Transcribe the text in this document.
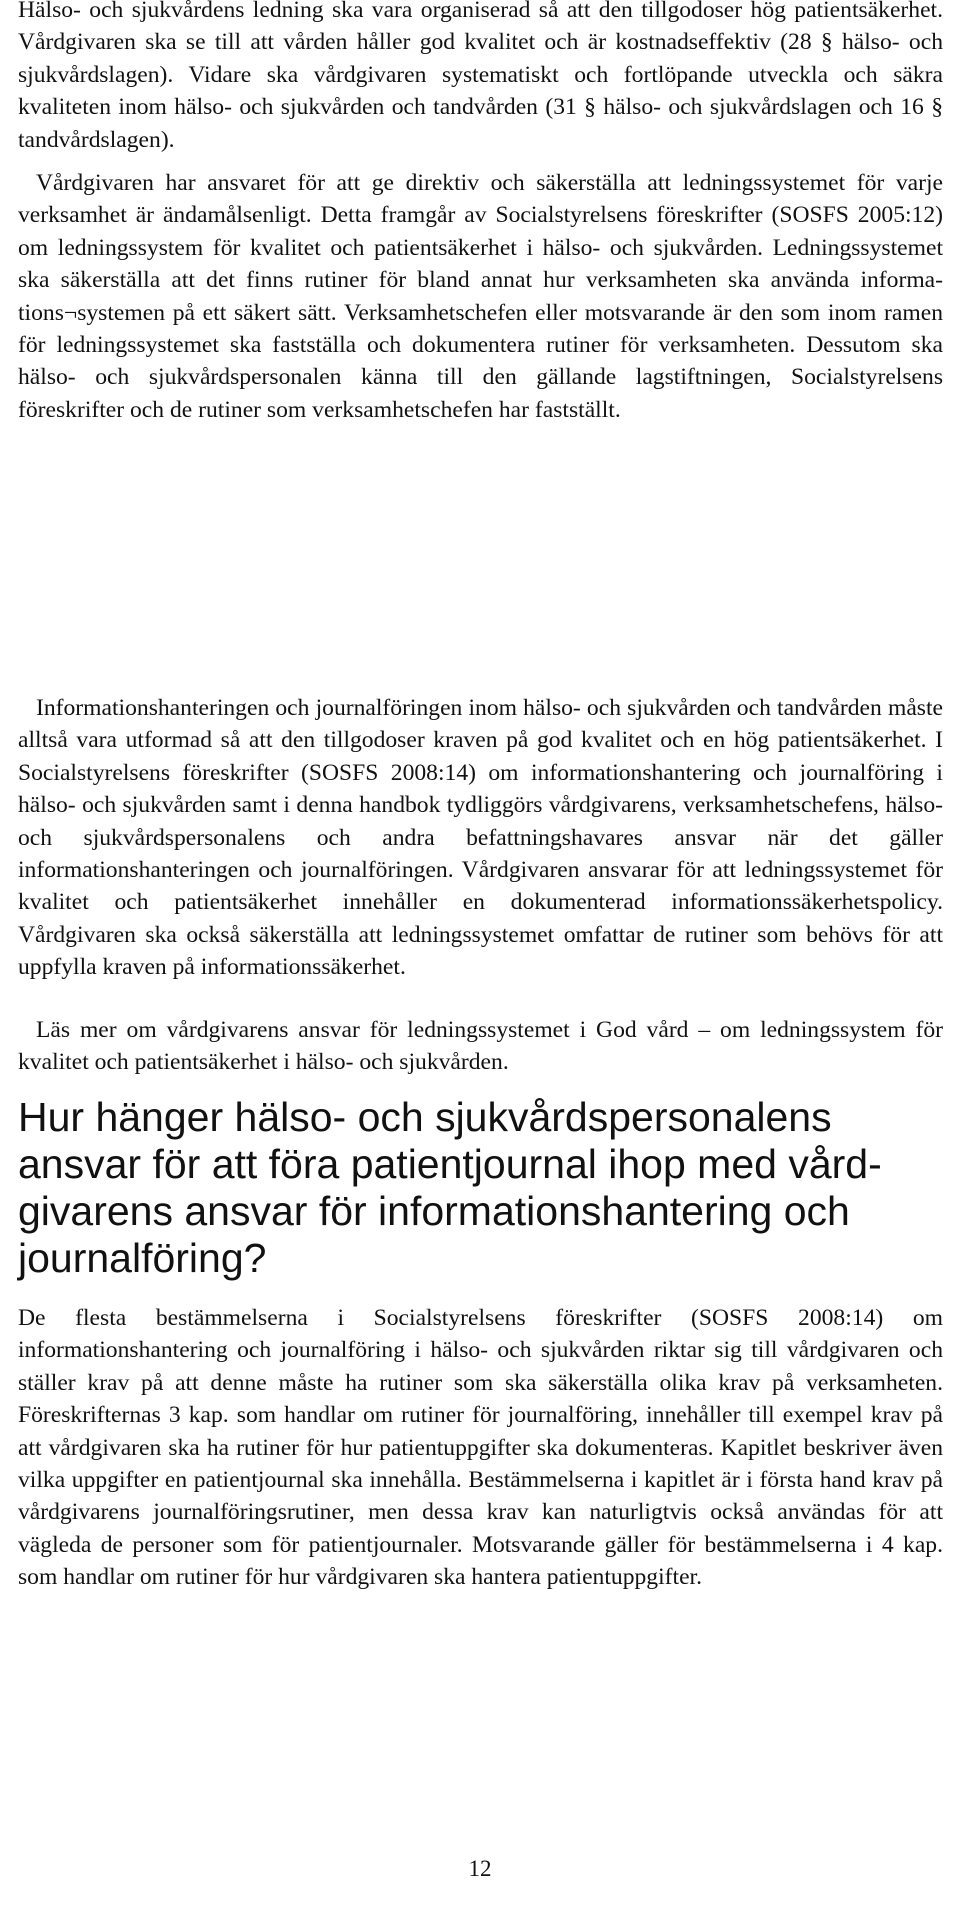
Hälso- och sjukvårdens ledning ska vara organiserad så att den tillgodoser hög patientsäkerhet. Vårdgivaren ska se till att vården håller god kvalitet och är kostnadseffektiv (28 § hälso- och sjukvårdslagen). Vidare ska vårdgivaren systematiskt och fortlöpande utveckla och säkra kvaliteten inom hälso- och sjukvården och tandvården (31 § hälso- och sjukvårdslagen och 16 § tandvårdslagen).

Vårdgivaren har ansvaret för att ge direktiv och säkerställa att ledningssystemet för varje verksamhet är ändamålsenligt. Detta framgår av Socialstyrelsens föreskrifter (SOSFS 2005:12) om ledningssystem för kvalitet och patientsäkerhet i hälso- och sjukvården. Ledningssystemet ska säkerställa att det finns rutiner för bland annat hur verksamheten ska använda informations¬systemen på ett säkert sätt. Verksamhetschefen eller motsvarande är den som inom ramen för ledningssystemet ska fastställa och dokumentera rutiner för verksamheten. Dessutom ska hälso- och sjukvårdspersonalen känna till den gällande lagstiftningen, Socialstyrelsens föreskrifter och de rutiner som verksamhetschefen har fastställt.

Informationshanteringen och journalföringen inom hälso- och sjukvården och tandvården måste alltså vara utformad så att den tillgodoser kraven på god kvalitet och en hög patientsäkerhet. I Socialstyrelsens föreskrifter (SOSFS 2008:14) om informationshantering och journalföring i hälso- och sjukvården samt i denna handbok tydliggörs vårdgivarens, verksamhetschefens, hälso- och sjukvårdspersonalens och andra befattningshavares ansvar när det gäller informationshanteringen och journalföringen. Vårdgivaren ansvarar för att ledningssystemet för kvalitet och patientsäkerhet innehåller en dokumenterad informationssäkerhetspolicy. Vårdgivaren ska också säkerställa att ledningssystemet omfattar de rutiner som behövs för att uppfylla kraven på informationssäkerhet.

Läs mer om vårdgivarens ansvar för ledningssystemet i God vård – om ledningssystem för kvalitet och patientsäkerhet i hälso- och sjukvården.

Hur hänger hälso- och sjukvårdspersonalens ansvar för att föra patientjournal ihop med vårdgivarens ansvar för informationshantering och journalföring?

De flesta bestämmelserna i Socialstyrelsens föreskrifter (SOSFS 2008:14) om informationshantering och journalföring i hälso- och sjukvården riktar sig till vårdgivaren och ställer krav på att denne måste ha rutiner som ska säkerställa olika krav på verksamheten. Föreskrifternas 3 kap. som handlar om rutiner för journalföring, innehåller till exempel krav på att vårdgivaren ska ha rutiner för hur patientuppgifter ska dokumenteras. Kapitlet beskriver även vilka uppgifter en patientjournal ska innehålla. Bestämmelserna i kapitlet är i första hand krav på vårdgivarens journalföringsrutiner, men dessa krav kan naturligtvis också användas för att vägleda de personer som för patientjournaler. Motsvarande gäller för bestämmelserna i 4 kap. som handlar om rutiner för hur vårdgivaren ska hantera patientuppgifter.

12
